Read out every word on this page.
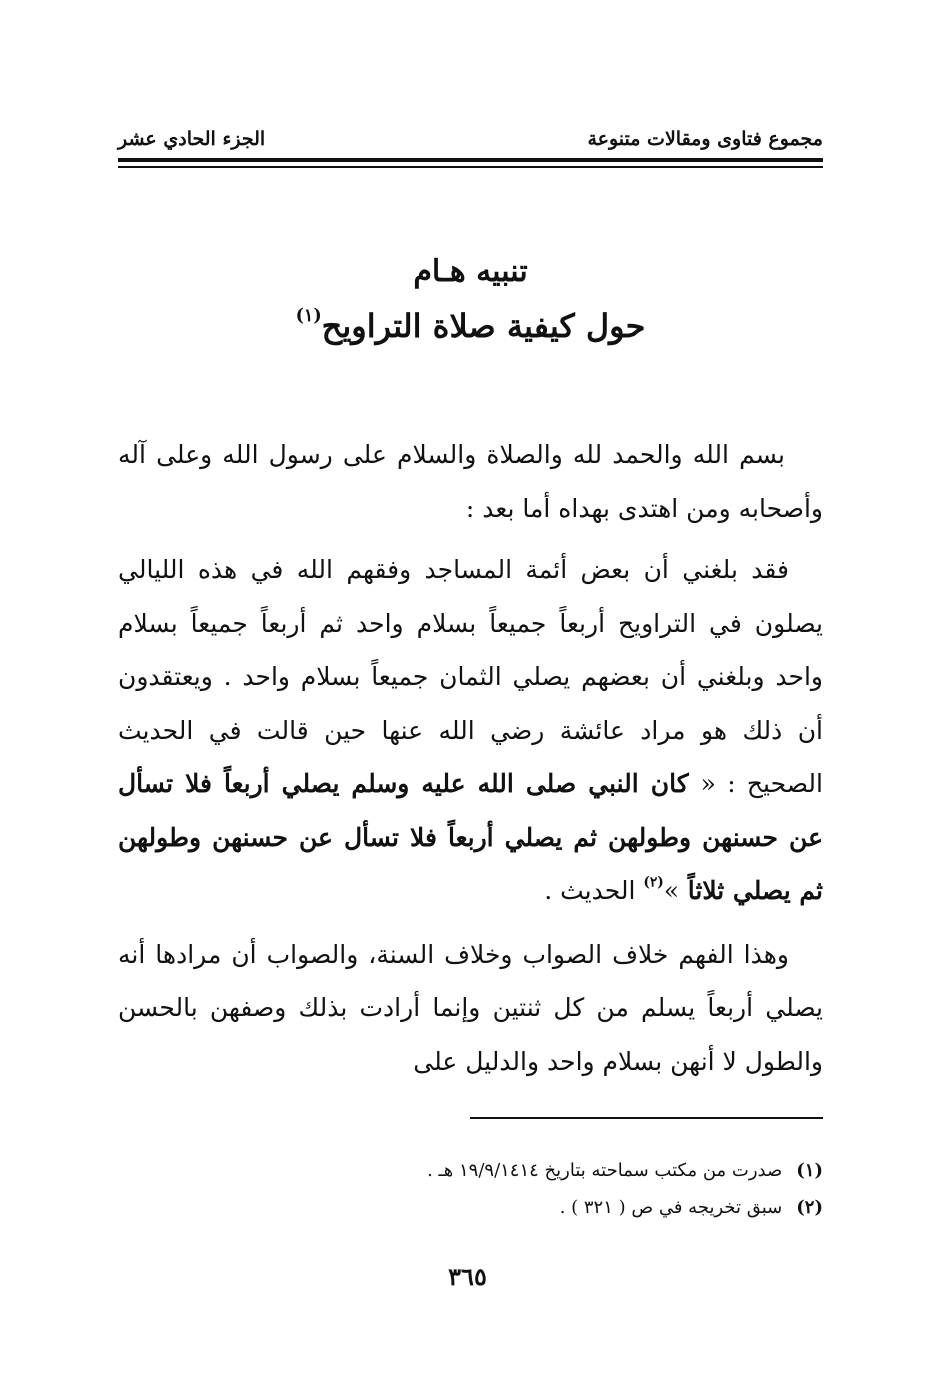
مجموع فتاوى ومقالات متنوعة
الجزء الحادي عشر
تنبيه هـام
حول كيفية صلاة التراويح$^{(١)}$

بسم الله والحمد لله والصلاة والسلام على رسول الله وعلى آله وأصحابه ومن اهتدى بهداه أما بعد :

فقد بلغني أن بعض أئمة المساجد وفقهم الله في هذه الليالي يصلون في التراويح أربعاً جميعاً بسلام واحد ثم أربعاً جميعاً بسلام واحد وبلغني أن بعضهم يصلي الثمان جميعاً بسلام واحد . ويعتقدون أن ذلك هو مراد عائشة رضي الله عنها حين قالت في الحديث الصحيح : « كان النبي صلى الله عليه وسلم يصلي أربعاً فلا تسأل عن حسنهن وطولهن ثم يصلي أربعاً فلا تسأل عن حسنهن وطولهن ثم يصلي ثلاثاً »$^{(٢)}$ الحديث .

وهذا الفهم خلاف الصواب وخلاف السنة، والصواب أن مرادها أنه يصلي أربعاً يسلم من كل ثنتين وإنما أرادت بذلك وصفهن بالحسن والطول لا أنهن بسلام واحد والدليل على

(١)صدرت من مكتب سماحته بتاريخ ١٩/٩/١٤١٤ هـ .
(٢)سبق تخريجه في ص ( ٣٢١ ) .
٣٦٥
